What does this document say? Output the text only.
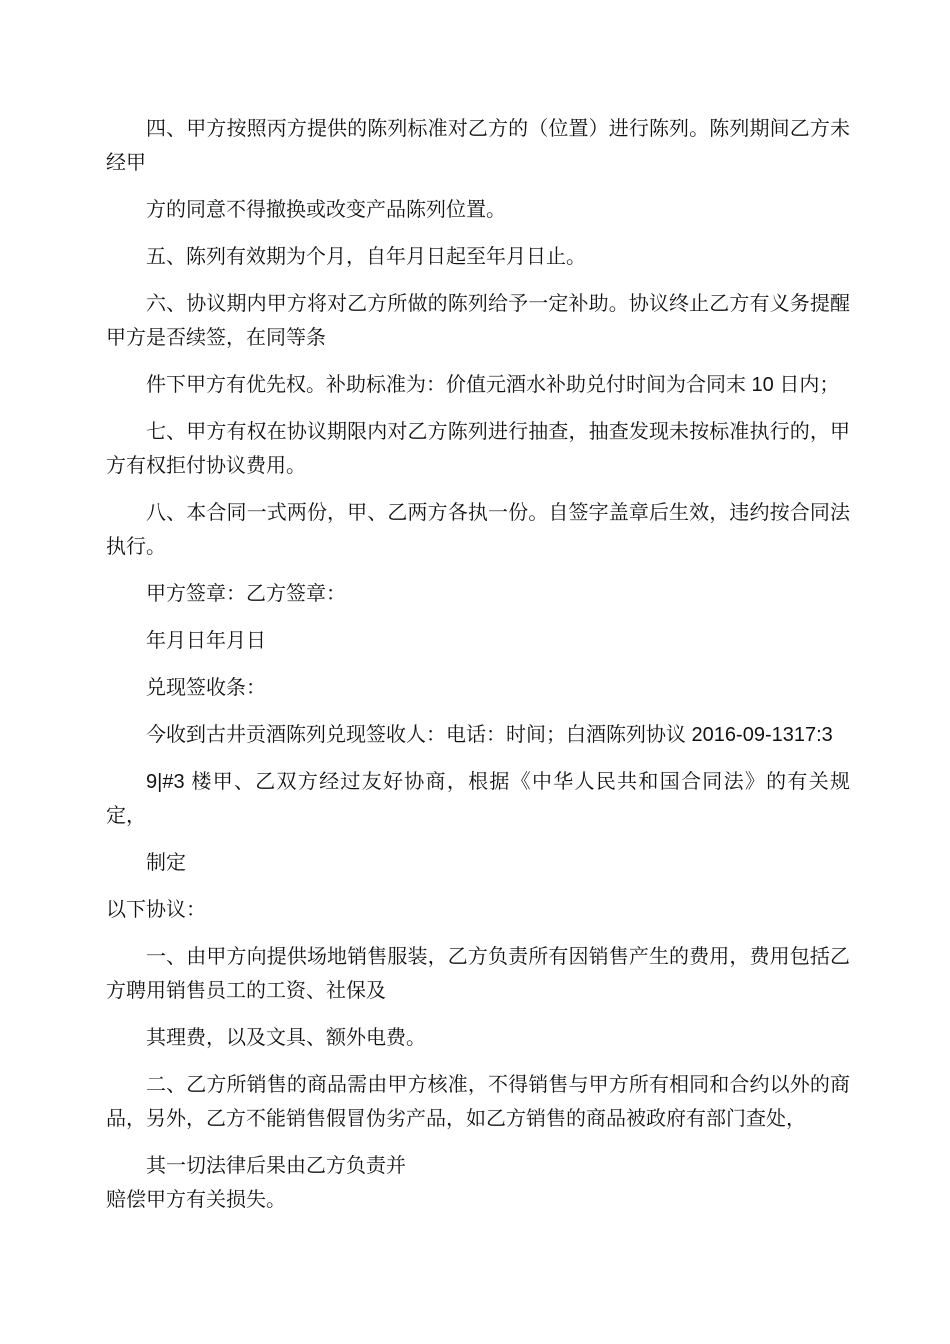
四、甲方按照丙方提供的陈列标准对乙方的（位置）进行陈列。陈列期间乙方未经甲

方的同意不得撤换或改变产品陈列位置。

五、陈列有效期为个月，自年月日起至年月日止。

六、协议期内甲方将对乙方所做的陈列给予一定补助。协议终止乙方有义务提醒甲方是否续签，在同等条

件下甲方有优先权。补助标准为：价值元酒水补助兑付时间为合同末 10 日内；

七、甲方有权在协议期限内对乙方陈列进行抽查，抽查发现未按标准执行的，甲方有权拒付协议费用。

八、本合同一式两份，甲、乙两方各执一份。自签字盖章后生效，违约按合同法执行。

甲方签章：乙方签章：

年月日年月日

兑现签收条：

今收到古井贡酒陈列兑现签收人：电话：时间；白酒陈列协议 2016-09-1317:3

9|#3 楼甲、乙双方经过友好协商，根据《中华人民共和国合同法》的有关规定，

制定

以下协议：

一、由甲方向提供场地销售服装，乙方负责所有因销售产生的费用，费用包括乙方聘用销售员工的工资、社保及

其理费，以及文具、额外电费。

二、乙方所销售的商品需由甲方核准，不得销售与甲方所有相同和合约以外的商品，另外，乙方不能销售假冒伪劣产品，如乙方销售的商品被政府有部门查处，

其一切法律后果由乙方负责并

赔偿甲方有关损失。
